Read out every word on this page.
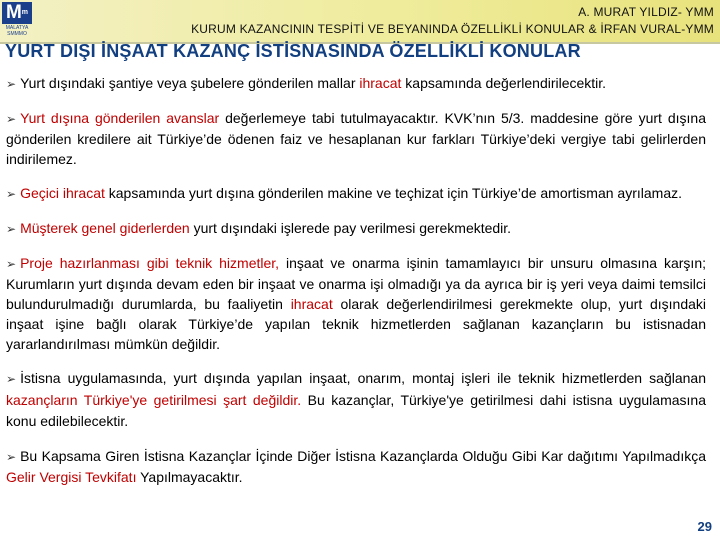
$M^m$
MALATYA
SMMMO
A. MURAT YILDIZ- YMM
KURUM KAZANCININ TESPİTİ VE BEYANINDA ÖZELLİKLİ KONULAR & İRFAN VURAL-YMM
YURT DIŞI İNŞAAT KAZANÇ İSTİSNASINDA ÖZELLİKLİ KONULAR

➢ Yurt dışındaki şantiye veya şubelere gönderilen mallar ihracat kapsamında değerlendirilecektir.

➢ Yurt dışına gönderilen avanslar değerlemeye tabi tutulmayacaktır. KVK’nın 5/3. maddesine göre yurt dışına gönderilen kredilere ait Türkiye’de ödenen faiz ve hesaplanan kur farkları Türkiye’deki vergiye tabi gelirlerden indirilemez.

➢ Geçici ihracat kapsamında yurt dışına gönderilen makine ve teçhizat için Türkiye’de amortisman ayrılamaz.

➢ Müşterek genel giderlerden yurt dışındaki işlerede pay verilmesi gerekmektedir.

➢ Proje hazırlanması gibi teknik hizmetler, inşaat ve onarma işinin tamamlayıcı bir unsuru olmasına karşın; Kurumların yurt dışında devam eden bir inşaat ve onarma işi olmadığı ya da ayrıca bir iş yeri veya daimi temsilci bulundurulmadığı durumlarda, bu faaliyetin ihracat olarak değerlendirilmesi gerekmekte olup, yurt dışındaki inşaat işine bağlı olarak Türkiye’de yapılan teknik hizmetlerden sağlanan kazançların bu istisnadan yararlandırılması mümkün değildir.

➢ İstisna uygulamasında, yurt dışında yapılan inşaat, onarım, montaj işleri ile teknik hizmetlerden sağlanan kazançların Türkiye'ye getirilmesi şart değildir. Bu kazançlar, Türkiye'ye getirilmesi dahi istisna uygulamasına konu edilebilecektir.

➢ Bu Kapsama Giren İstisna Kazançlar İçinde Diğer İstisna Kazançlarda Olduğu Gibi Kar dağıtımı Yapılmadıkça Gelir Vergisi Tevkifatı Yapılmayacaktır.

29
